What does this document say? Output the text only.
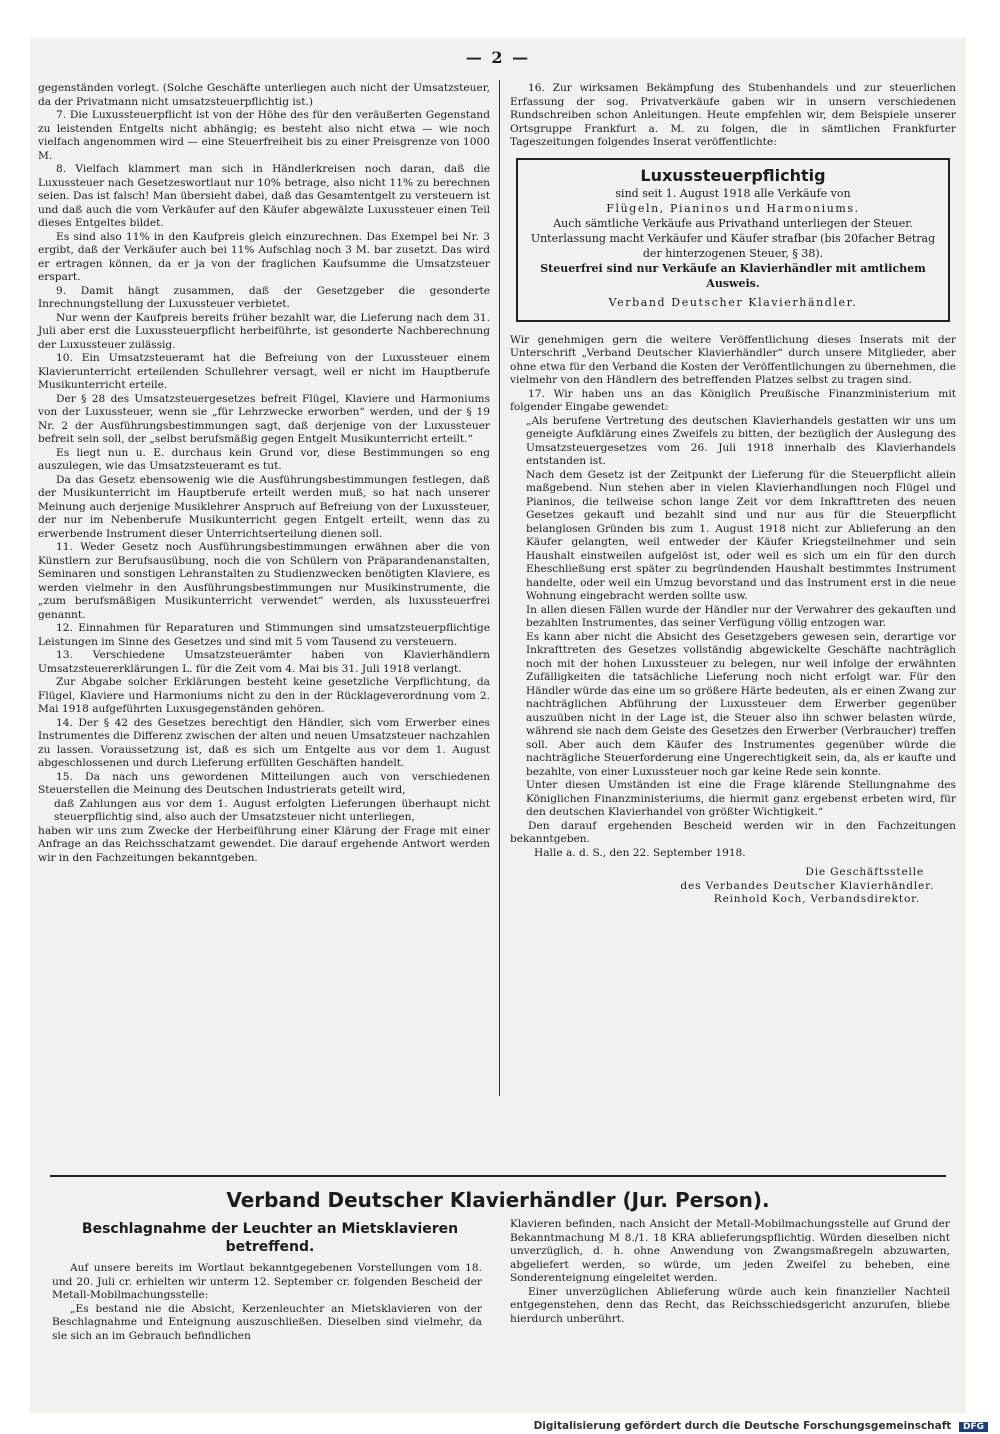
— 2 —

gegenständen vorlegt. (Solche Geschäfte unterliegen auch nicht der Umsatzsteuer, da der Privatmann nicht umsatzsteuerpflichtig ist.)

7. Die Luxussteuerpflicht ist von der Höhe des für den veräußerten Gegenstand zu leistenden Entgelts nicht abhängig; es besteht also nicht etwa — wie noch vielfach angenommen wird — eine Steuerfreiheit bis zu einer Preisgrenze von 1000 M.

8. Vielfach klammert man sich in Händlerkreisen noch daran, daß die Luxussteuer nach Gesetzeswortlaut nur 10% betrage, also nicht 11% zu berechnen seien. Das ist falsch! Man übersieht dabei, daß das Gesamtentgelt zu versteuern ist und daß auch die vom Verkäufer auf den Käufer abgewälzte Luxussteuer einen Teil dieses Entgeltes bildet.

Es sind also 11% in den Kaufpreis gleich einzurechnen. Das Exempel bei Nr. 3 ergibt, daß der Verkäufer auch bei 11% Aufschlag noch 3 M. bar zusetzt. Das wird er ertragen können, da er ja von der fraglichen Kaufsumme die Umsatzsteuer erspart.

9. Damit hängt zusammen, daß der Gesetzgeber die gesonderte Inrechnungstellung der Luxussteuer verbietet.

Nur wenn der Kaufpreis bereits früher bezahlt war, die Lieferung nach dem 31. Juli aber erst die Luxussteuerpflicht herbeiführte, ist gesonderte Nachberechnung der Luxussteuer zulässig.

10. Ein Umsatzsteueramt hat die Befreiung von der Luxussteuer einem Klavierunterricht erteilenden Schullehrer versagt, weil er nicht im Hauptberufe Musikunterricht erteile.

Der § 28 des Umsatzsteuergesetzes befreit Flügel, Klaviere und Harmoniums von der Luxussteuer, wenn sie „für Lehrzwecke erworben“ werden, und der § 19 Nr. 2 der Ausführungsbestimmungen sagt, daß derjenige von der Luxussteuer befreit sein soll, der „selbst berufsmäßig gegen Entgelt Musikunterricht erteilt.“

Es liegt nun u. E. durchaus kein Grund vor, diese Bestimmungen so eng auszulegen, wie das Umsatzsteueramt es tut.

Da das Gesetz ebensowenig wie die Ausführungsbestimmungen festlegen, daß der Musikunterricht im Hauptberufe erteilt werden muß, so hat nach unserer Meinung auch derjenige Musiklehrer Anspruch auf Befreiung von der Luxussteuer, der nur im Nebenberufe Musikunterricht gegen Entgelt erteilt, wenn das zu erwerbende Instrument dieser Unterrichtserteilung dienen soll.

11. Weder Gesetz noch Ausführungsbestimmungen erwähnen aber die von Künstlern zur Berufsausübung, noch die von Schülern von Präparandenanstalten, Seminaren und sonstigen Lehranstalten zu Studienzwecken benötigten Klaviere, es werden vielmehr in den Ausführungsbestimmungen nur Musikinstrumente, die „zum berufsmäßigen Musikunterricht verwendet“ werden, als luxussteuerfrei genannt.

12. Einnahmen für Reparaturen und Stimmungen sind umsatzsteuerpflichtige Leistungen im Sinne des Gesetzes und sind mit 5 vom Tausend zu versteuern.

13. Verschiedene Umsatzsteuerämter haben von Klavierhändlern Umsatzsteuererklärungen L. für die Zeit vom 4. Mai bis 31. Juli 1918 verlangt.

Zur Abgabe solcher Erklärungen besteht keine gesetzliche Verpflichtung, da Flügel, Klaviere und Harmoniums nicht zu den in der Rücklageverordnung vom 2. Mai 1918 aufgeführten Luxusgegenständen gehören.

14. Der § 42 des Gesetzes berechtigt den Händler, sich vom Erwerber eines Instrumentes die Differenz zwischen der alten und neuen Umsatzsteuer nachzahlen zu lassen. Voraussetzung ist, daß es sich um Entgelte aus vor dem 1. August abgeschlossenen und durch Lieferung erfüllten Geschäften handelt.

15. Da nach uns gewordenen Mitteilungen auch von verschiedenen Steuerstellen die Meinung des Deutschen Industrierats geteilt wird,

daß Zahlungen aus vor dem 1. August erfolgten Lieferungen überhaupt nicht steuerpflichtig sind, also auch der Umsatzsteuer nicht unterliegen,

haben wir uns zum Zwecke der Herbeiführung einer Klärung der Frage mit einer Anfrage an das Reichsschatzamt gewendet. Die darauf ergehende Antwort werden wir in den Fachzeitungen bekanntgeben.

16. Zur wirksamen Bekämpfung des Stubenhandels und zur steuerlichen Erfassung der sog. Privatverkäufe gaben wir in unsern verschiedenen Rundschreiben schon Anleitungen. Heute empfehlen wir, dem Beispiele unserer Ortsgruppe Frankfurt a. M. zu folgen, die in sämtlichen Frankfurter Tageszeitungen folgendes Inserat veröffentlichte:

Luxussteuerpflichtig
sind seit 1. August 1918 alle Verkäufe von
Flügeln, Pianinos und Harmoniums.
Auch sämtliche Verkäufe aus Privathand unterliegen der Steuer.
Unterlassung macht Verkäufer und Käufer strafbar (bis 20facher Betrag der hinterzogenen Steuer, § 38).
Steuerfrei sind nur Verkäufe an Klavierhändler mit amtlichem Ausweis.
Verband Deutscher Klavierhändler.

Wir genehmigen gern die weitere Veröffentlichung dieses Inserats mit der Unterschrift „Verband Deutscher Klavierhändler“ durch unsere Mitglieder, aber ohne etwa für den Verband die Kosten der Veröffentlichungen zu übernehmen, die vielmehr von den Händlern des betreffenden Platzes selbst zu tragen sind.

17. Wir haben uns an das Königlich Preußische Finanzministerium mit folgender Eingabe gewendet:

„Als berufene Vertretung des deutschen Klavierhandels gestatten wir uns um geneigte Aufklärung eines Zweifels zu bitten, der bezüglich der Auslegung des Umsatzsteuergesetzes vom 26. Juli 1918 innerhalb des Klavierhandels entstanden ist.

Nach dem Gesetz ist der Zeitpunkt der Lieferung für die Steuerpflicht allein maßgebend. Nun stehen aber in vielen Klavierhandlungen noch Flügel und Pianinos, die teilweise schon lange Zeit vor dem Inkrafttreten des neuen Gesetzes gekauft und bezahlt sind und nur aus für die Steuerpflicht belanglosen Gründen bis zum 1. August 1918 nicht zur Ablieferung an den Käufer gelangten, weil entweder der Käufer Kriegsteilnehmer und sein Haushalt einstweilen aufgelöst ist, oder weil es sich um ein für den durch Eheschließung erst später zu begründenden Haushalt bestimmtes Instrument handelte, oder weil ein Umzug bevorstand und das Instrument erst in die neue Wohnung eingebracht werden sollte usw.

In allen diesen Fällen wurde der Händler nur der Verwahrer des gekauften und bezahlten Instrumentes, das seiner Verfügung völlig entzogen war.

Es kann aber nicht die Absicht des Gesetzgebers gewesen sein, derartige vor Inkrafttreten des Gesetzes vollständig abgewickelte Geschäfte nachträglich noch mit der hohen Luxussteuer zu belegen, nur weil infolge der erwähnten Zufälligkeiten die tatsächliche Lieferung noch nicht erfolgt war. Für den Händler würde das eine um so größere Härte bedeuten, als er einen Zwang zur nachträglichen Abführung der Luxussteuer dem Erwerber gegenüber auszuüben nicht in der Lage ist, die Steuer also ihn schwer belasten würde, während sie nach dem Geiste des Gesetzes den Erwerber (Verbraucher) treffen soll. Aber auch dem Käufer des Instrumentes gegenüber würde die nachträgliche Steuerforderung eine Ungerechtigkeit sein, da, als er kaufte und bezahlte, von einer Luxussteuer noch gar keine Rede sein konnte.

Unter diesen Umständen ist eine die Frage klärende Stellungnahme des Königlichen Finanzministeriums, die hiermit ganz ergebenst erbeten wird, für den deutschen Klavierhandel von größter Wichtigkeit.“

Den darauf ergehenden Bescheid werden wir in den Fachzeitungen bekanntgeben.

Halle a. d. S., den 22. September 1918.

Die Geschäftsstelle
des Verbandes Deutscher Klavierhändler.
Reinhold Koch, Verbandsdirektor.
Verband Deutscher Klavierhändler (Jur. Person).
Beschlagnahme der Leuchter an Mietsklavieren betreffend.

Auf unsere bereits im Wortlaut bekanntgegebenen Vorstellungen vom 18. und 20. Juli cr. erhielten wir unterm 12. September cr. folgenden Bescheid der Metall-Mobilmachungsstelle:

„Es bestand nie die Absicht, Kerzenleuchter an Mietsklavieren von der Beschlagnahme und Enteignung auszuschließen. Dieselben sind vielmehr, da sie sich an im Gebrauch befindlichen

Klavieren befinden, nach Ansicht der Metall-Mobilmachungsstelle auf Grund der Bekanntmachung M 8./1. 18 KRA ablieferungspflichtig. Würden dieselben nicht unverzüglich, d. h. ohne Anwendung von Zwangsmaßregeln abzuwarten, abgeliefert werden, so würde, um jeden Zweifel zu beheben, eine Sonderenteignung eingeleitet werden.

Einer unverzüglichen Ablieferung würde auch kein finanzieller Nachteil entgegenstehen, denn das Recht, das Reichsschiedsgericht anzurufen, bliebe hierdurch unberührt.

Digitalisierung gefördert durch die Deutsche Forschungsgemeinschaft DFG
